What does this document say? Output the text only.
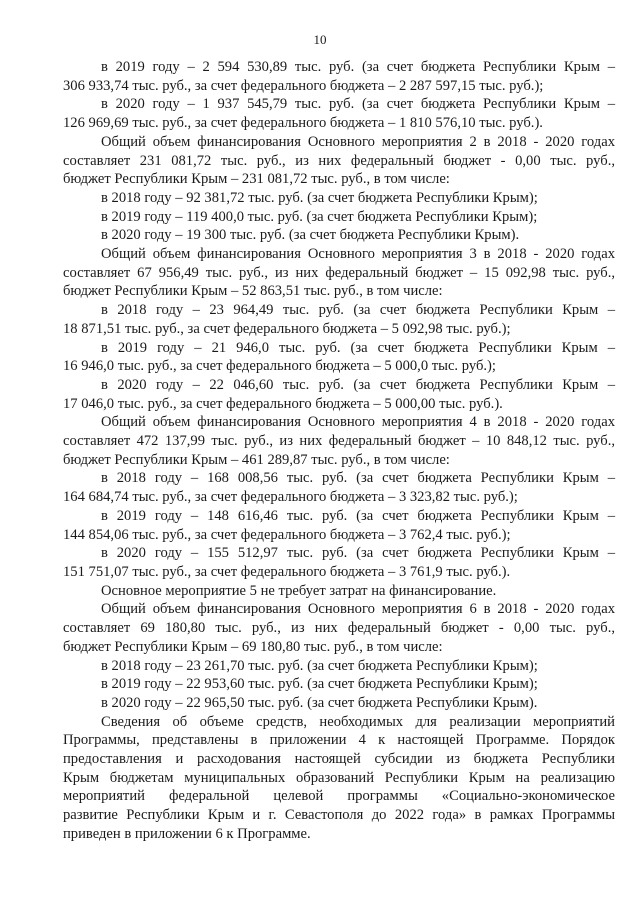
10

в 2019 году – 2 594 530,89 тыс. руб. (за счет бюджета Республики Крым –
306 933,74 тыс. руб., за счет федерального бюджета – 2 287 597,15 тыс. руб.);

в 2020 году – 1 937 545,79 тыс. руб. (за счет бюджета Республики Крым –
126 969,69 тыс. руб., за счет федерального бюджета – 1 810 576,10 тыс. руб.).

Общий объем финансирования Основного мероприятия 2 в 2018 - 2020 годах
составляет 231 081,72 тыс. руб., из них федеральный бюджет - 0,00 тыс. руб.,
бюджет Республики Крым – 231 081,72 тыс. руб., в том числе:

в 2018 году – 92 381,72 тыс. руб. (за счет бюджета Республики Крым);

в 2019 году – 119 400,0 тыс. руб. (за счет бюджета Республики Крым);

в 2020 году – 19 300 тыс. руб. (за счет бюджета Республики Крым).

Общий объем финансирования Основного мероприятия 3 в 2018 - 2020 годах
составляет 67 956,49 тыс. руб., из них федеральный бюджет – 15 092,98 тыс. руб.,
бюджет Республики Крым – 52 863,51 тыс. руб., в том числе:

в 2018 году – 23 964,49 тыс. руб. (за счет бюджета Республики Крым –
18 871,51 тыс. руб., за счет федерального бюджета – 5 092,98 тыс. руб.);

в 2019 году – 21 946,0 тыс. руб. (за счет бюджета Республики Крым –
16 946,0 тыс. руб., за счет федерального бюджета – 5 000,0 тыс. руб.);

в 2020 году – 22 046,60 тыс. руб. (за счет бюджета Республики Крым –
17 046,0 тыс. руб., за счет федерального бюджета – 5 000,00 тыс. руб.).

Общий объем финансирования Основного мероприятия 4 в 2018 - 2020 годах
составляет 472 137,99 тыс. руб., из них федеральный бюджет – 10 848,12 тыс. руб.,
бюджет Республики Крым – 461 289,87 тыс. руб., в том числе:

в 2018 году – 168 008,56 тыс. руб. (за счет бюджета Республики Крым –
164 684,74 тыс. руб., за счет федерального бюджета – 3 323,82 тыс. руб.);

в 2019 году – 148 616,46 тыс. руб. (за счет бюджета Республики Крым –
144 854,06 тыс. руб., за счет федерального бюджета – 3 762,4 тыс. руб.);

в 2020 году – 155 512,97 тыс. руб. (за счет бюджета Республики Крым –
151 751,07 тыс. руб., за счет федерального бюджета – 3 761,9 тыс. руб.).

Основное мероприятие 5 не требует затрат на финансирование.

Общий объем финансирования Основного мероприятия 6 в 2018 - 2020 годах
составляет 69 180,80 тыс. руб., из них федеральный бюджет - 0,00 тыс. руб.,
бюджет Республики Крым – 69 180,80 тыс. руб., в том числе:

в 2018 году – 23 261,70 тыс. руб. (за счет бюджета Республики Крым);

в 2019 году – 22 953,60 тыс. руб. (за счет бюджета Республики Крым);

в 2020 году – 22 965,50 тыс. руб. (за счет бюджета Республики Крым).

Сведения об объеме средств, необходимых для реализации мероприятий
Программы, представлены в приложении 4 к настоящей Программе. Порядок
предоставления и расходования настоящей субсидии из бюджета Республики
Крым бюджетам муниципальных образований Республики Крым на реализацию
мероприятий федеральной целевой программы «Социально-экономическое
развитие Республики Крым и г. Севастополя до 2022 года» в рамках Программы
приведен в приложении 6 к Программе.
